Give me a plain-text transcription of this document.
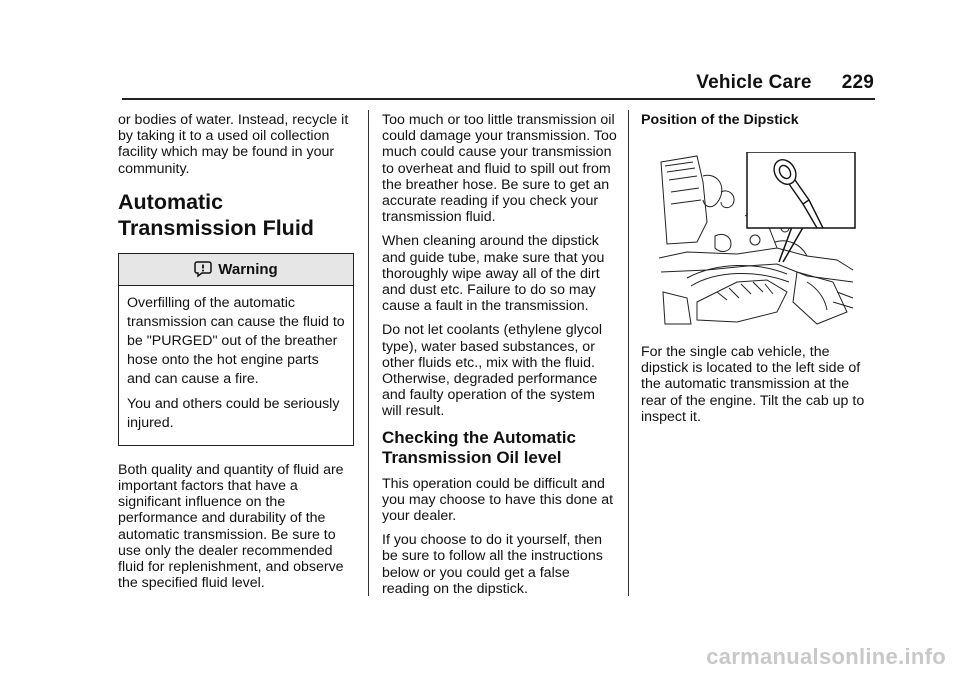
Vehicle Care 229

or bodies of water. Instead, recycle it by taking it to a used oil collection facility which may be found in your community.

Automatic Transmission Fluid
Warning

Overfilling of the automatic transmission can cause the fluid to be "PURGED" out of the breather hose onto the hot engine parts and can cause a fire.

You and others could be seriously injured.

Both quality and quantity of fluid are important factors that have a significant influence on the performance and durability of the automatic transmission. Be sure to use only the dealer recommended fluid for replenishment, and observe the specified fluid level.

Too much or too little transmission oil could damage your transmission. Too much could cause your transmission to overheat and fluid to spill out from the breather hose. Be sure to get an accurate reading if you check your transmission fluid.

When cleaning around the dipstick and guide tube, make sure that you thoroughly wipe away all of the dirt and dust etc. Failure to do so may cause a fault in the transmission.

Do not let coolants (ethylene glycol type), water based substances, or other fluids etc., mix with the fluid. Otherwise, degraded performance and faulty operation of the system will result.

Checking the Automatic Transmission Oil level

This operation could be difficult and you may choose to have this done at your dealer.

If you choose to do it yourself, then be sure to follow all the instructions below or you could get a false reading on the dipstick.

Position of the Dipstick

For the single cab vehicle, the dipstick is located to the left side of the automatic transmission at the rear of the engine. Tilt the cab up to inspect it.

carmanualsonline.info
